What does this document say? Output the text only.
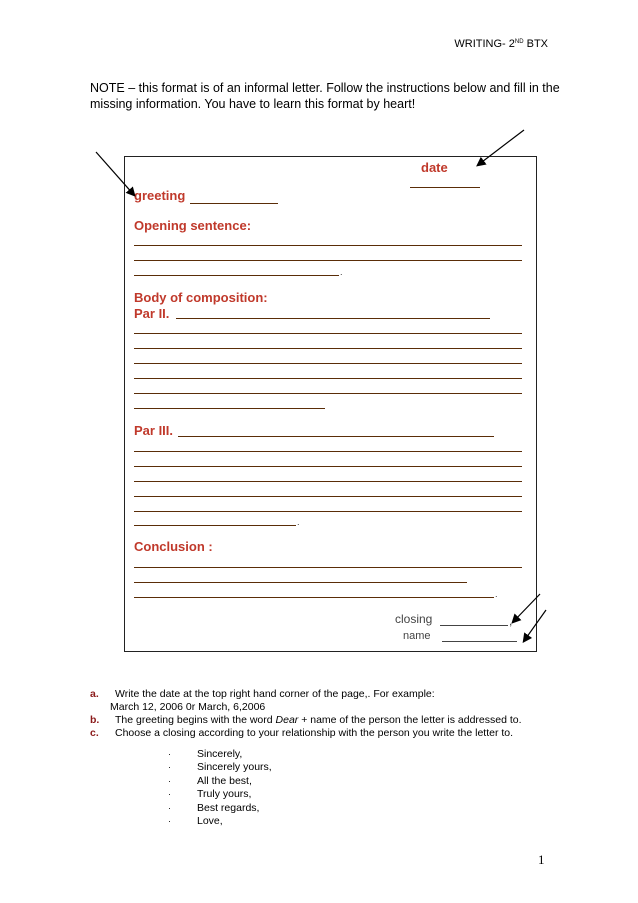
WRITING- 2ND BTX
NOTE – this format is of an informal letter. Follow the instructions below and fill in the missing information. You have to learn this format by heart!
date
greeting
Opening sentence:
.
Body of composition:
Par II.
Par III.
.
Conclusion :
.
closing	,
name
a.	Write the date at the top right hand corner of the page,. For example:
March 12, 2006 0r March, 6,2006
b.	The greeting begins with the word Dear + name of the person the letter is addressed to.
c.	Choose a closing according to your relationship with the person you write the letter to.
·	Sincerely,
·	Sincerely yours,
·	All the best,
·	Truly yours,
·	Best regards,
·	Love,
1
